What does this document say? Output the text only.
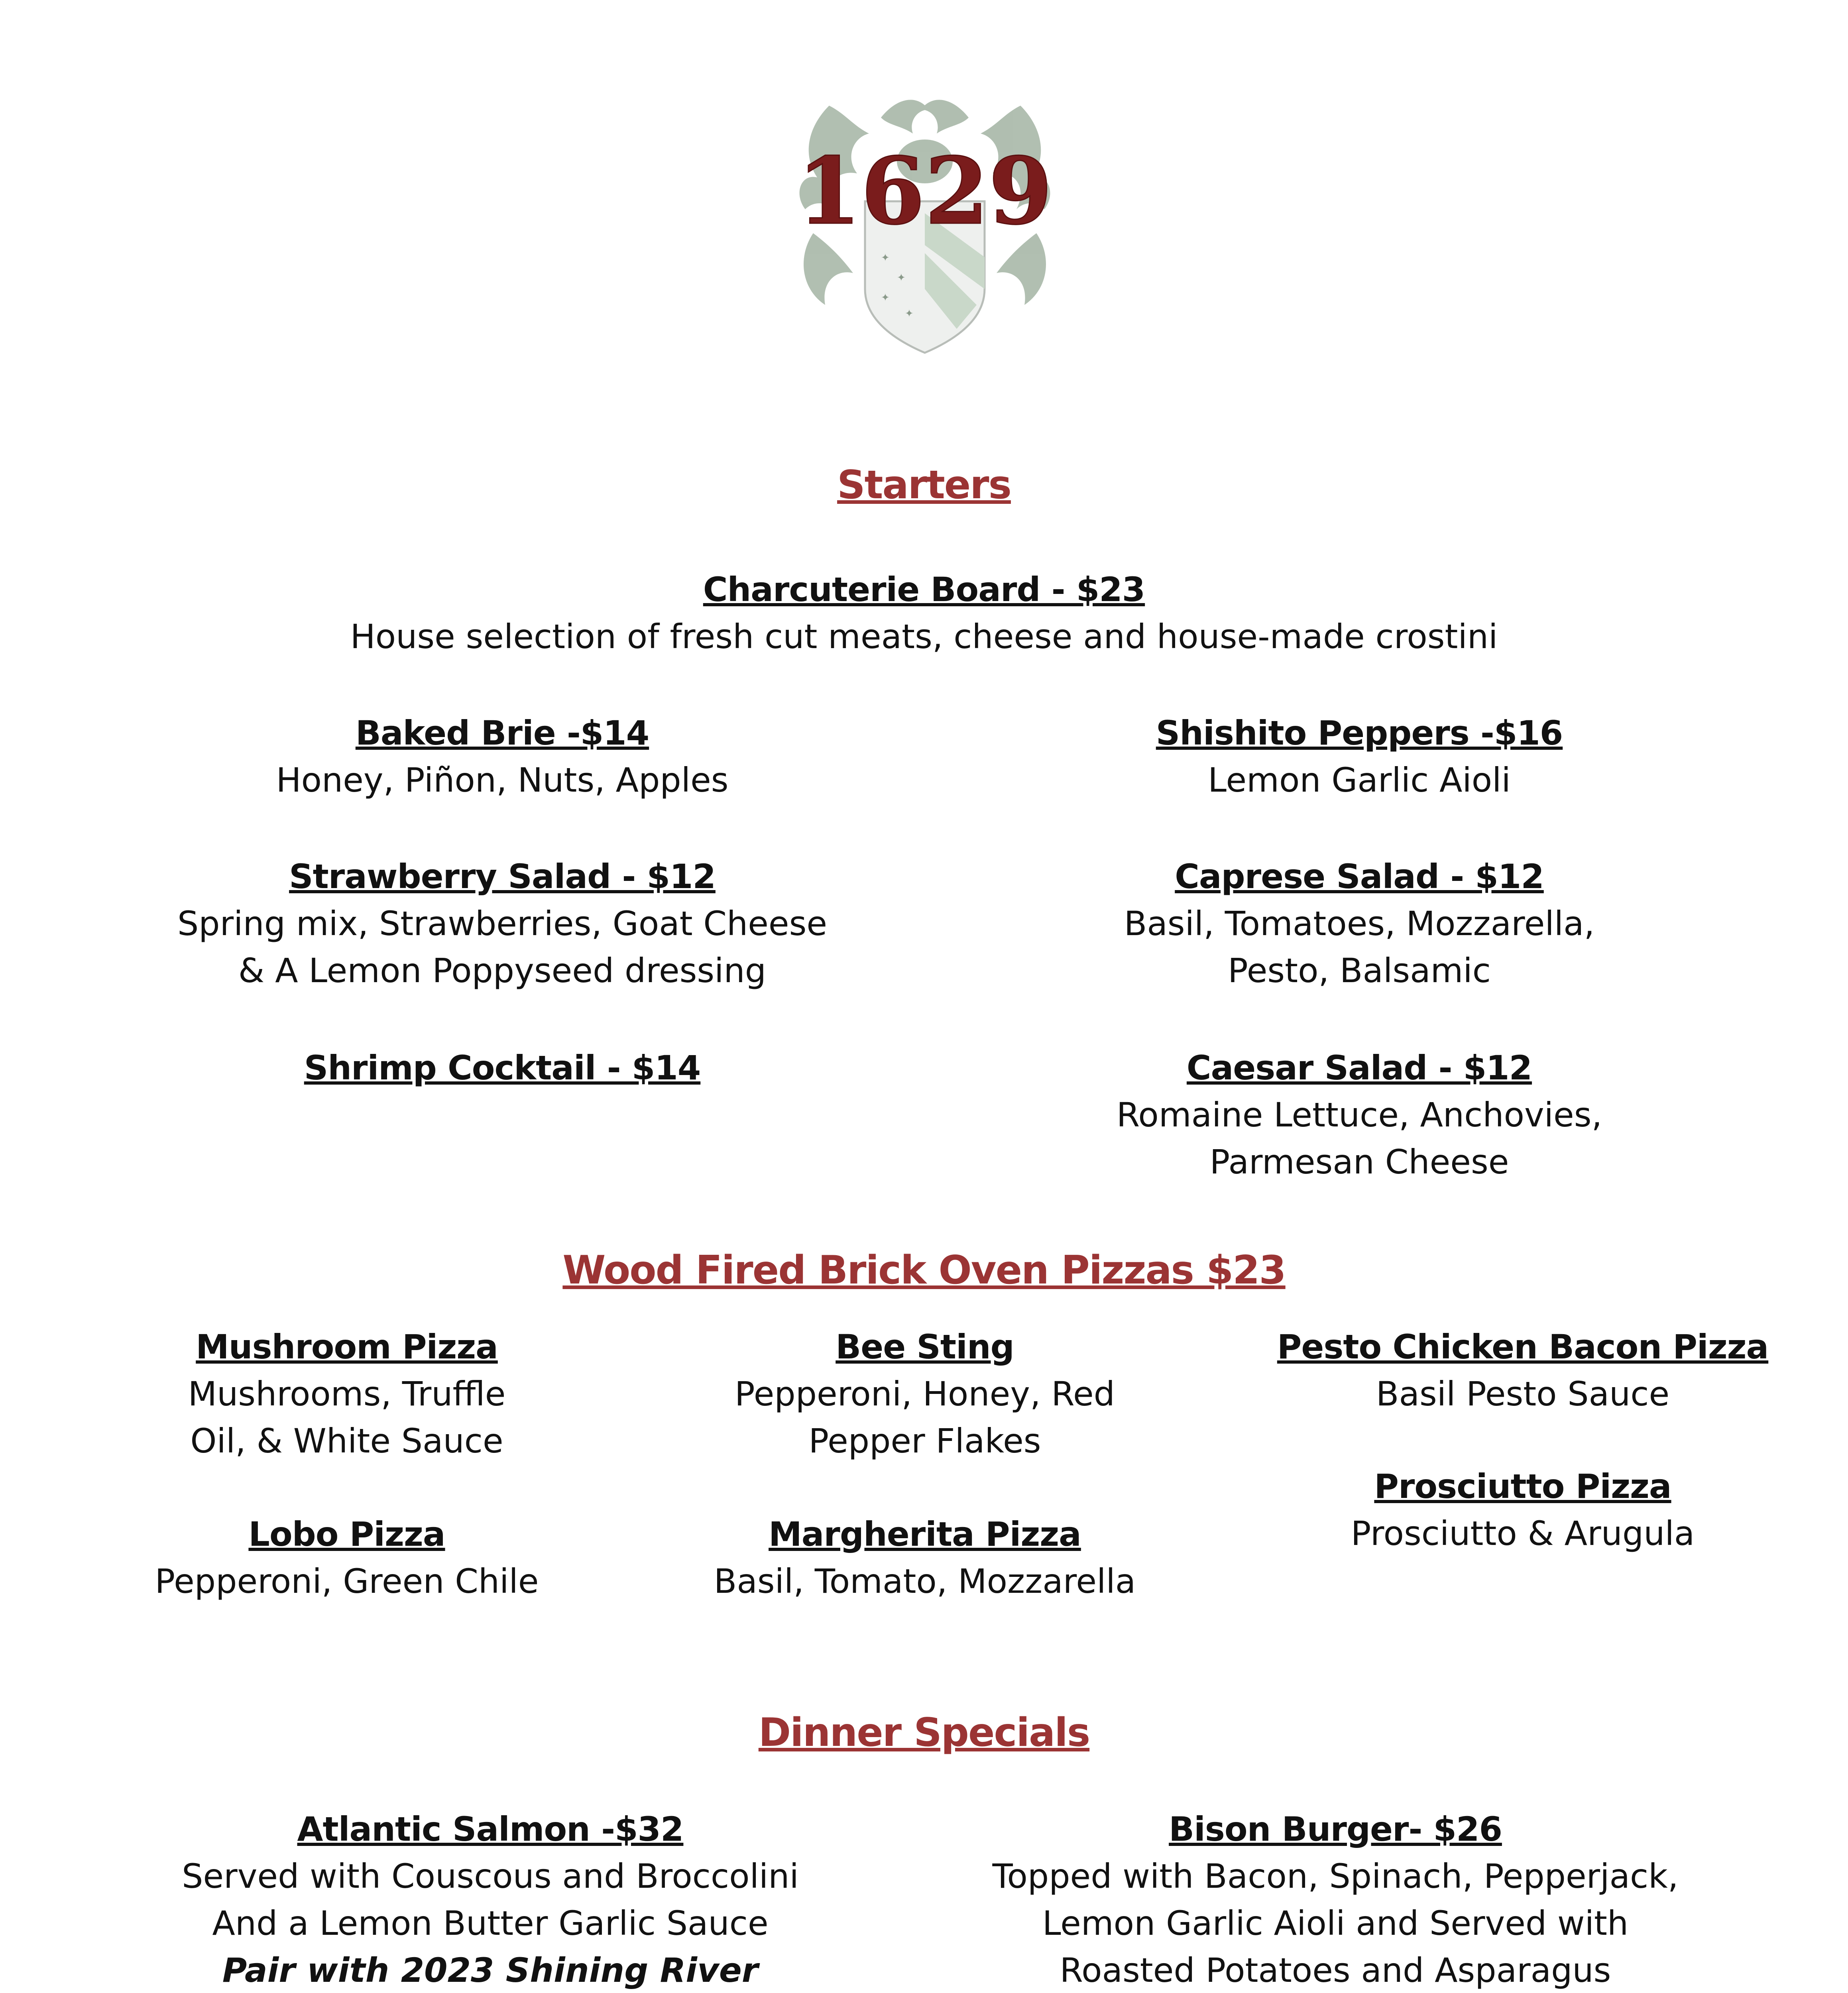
✦
✦
✦
✦
1629
Starters
Charcuterie Board - $23
House selection of fresh cut meats, cheese and house-made crostini
Baked Brie -$14
Honey, Piñon, Nuts, Apples
Strawberry Salad - $12
Spring mix, Strawberries, Goat Cheese
& A Lemon Poppyseed dressing
Shrimp Cocktail - $14
Shishito Peppers -$16
Lemon Garlic Aioli
Caprese Salad - $12
Basil, Tomatoes, Mozzarella,
Pesto, Balsamic
Caesar Salad - $12
Romaine Lettuce, Anchovies,
Parmesan Cheese
Wood Fired Brick Oven Pizzas $23
Mushroom Pizza
Mushrooms, Truffle
Oil, & White Sauce
Bee Sting
Pepperoni, Honey, Red
Pepper Flakes
Pesto Chicken Bacon Pizza
Basil Pesto Sauce
Lobo Pizza
Pepperoni, Green Chile
Margherita Pizza
Basil, Tomato, Mozzarella
Prosciutto Pizza
Prosciutto & Arugula
Dinner Specials
Atlantic Salmon -$32
Served with Couscous and Broccolini
And a Lemon Butter Garlic Sauce
Pair with 2023 Shining River
Bison Burger- $26
Topped with Bacon, Spinach, Pepperjack,
Lemon Garlic Aioli and Served with
Roasted Potatoes and Asparagus
